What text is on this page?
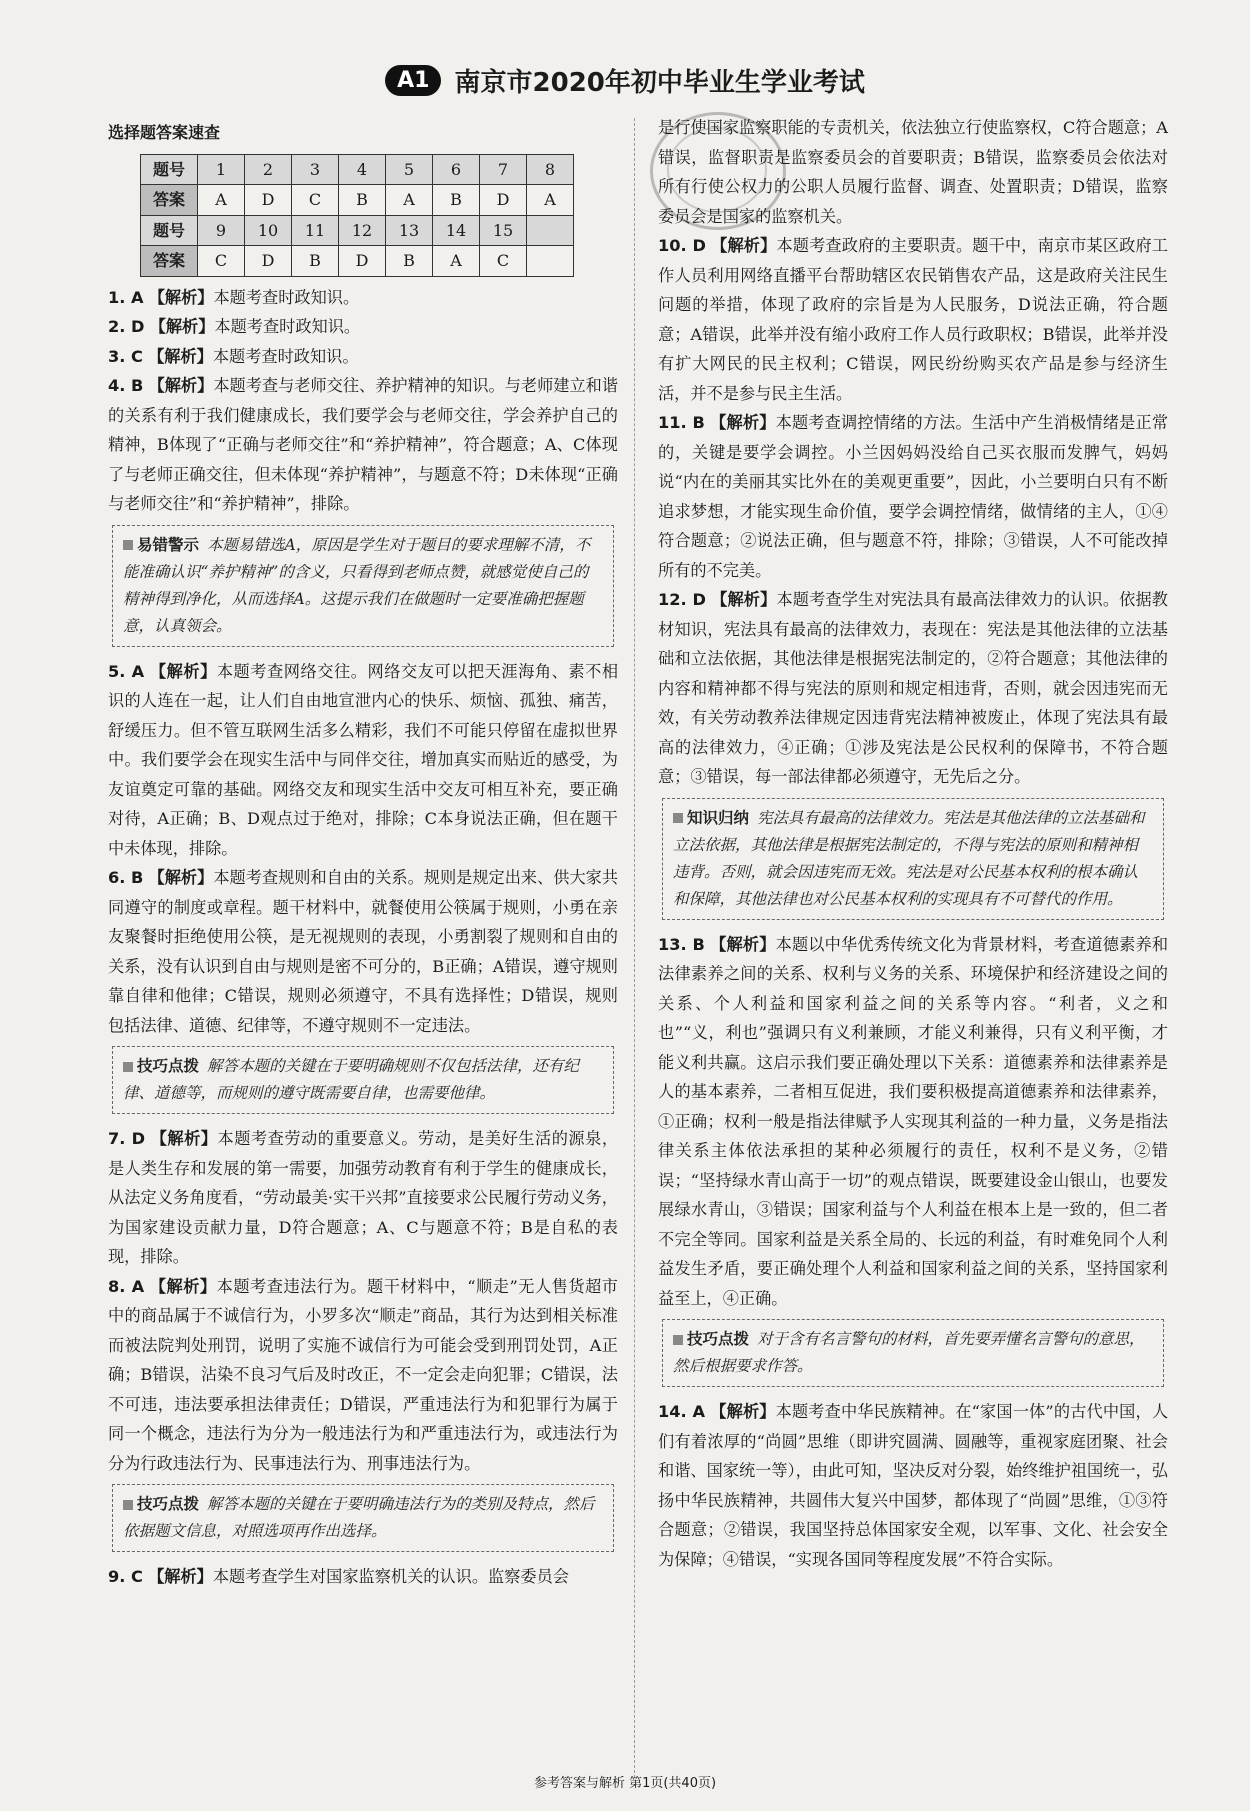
A1 南京市2020年初中毕业生学业考试
选择题答案速查
题号	1	2	3	4	5	6	7	8
答案	A	D	C	B	A	B	D	A
题号	9	10	11	12	13	14	15	
答案	C	D	B	D	B	A	C	
1. A 【解析】本题考查时政知识。
2. D 【解析】本题考查时政知识。
3. C 【解析】本题考查时政知识。
4. B 【解析】本题考查与老师交往、养护精神的知识。与老师建立和谐的关系有利于我们健康成长，我们要学会与老师交往，学会养护自己的精神，B体现了“正确与老师交往”和“养护精神”，符合题意；A、C体现了与老师正确交往，但未体现“养护精神”，与题意不符；D未体现“正确与老师交往”和“养护精神”，排除。
易错警示 本题易错选A，原因是学生对于题目的要求理解不清，不能准确认识“养护精神”的含义，只看得到老师点赞，就感觉使自己的精神得到净化，从而选择A。这提示我们在做题时一定要准确把握题意，认真领会。
5. A 【解析】本题考查网络交往。网络交友可以把天涯海角、素不相识的人连在一起，让人们自由地宣泄内心的快乐、烦恼、孤独、痛苦，舒缓压力。但不管互联网生活多么精彩，我们不可能只停留在虚拟世界中。我们要学会在现实生活中与同伴交往，增加真实而贴近的感受，为友谊奠定可靠的基础。网络交友和现实生活中交友可相互补充，要正确对待，A正确；B、D观点过于绝对，排除；C本身说法正确，但在题干中未体现，排除。
6. B 【解析】本题考查规则和自由的关系。规则是规定出来、供大家共同遵守的制度或章程。题干材料中，就餐使用公筷属于规则，小勇在亲友聚餐时拒绝使用公筷，是无视规则的表现，小勇割裂了规则和自由的关系，没有认识到自由与规则是密不可分的，B正确；A错误，遵守规则靠自律和他律；C错误，规则必须遵守，不具有选择性；D错误，规则包括法律、道德、纪律等，不遵守规则不一定违法。
技巧点拨 解答本题的关键在于要明确规则不仅包括法律，还有纪律、道德等，而规则的遵守既需要自律，也需要他律。
7. D 【解析】本题考查劳动的重要意义。劳动，是美好生活的源泉，是人类生存和发展的第一需要，加强劳动教育有利于学生的健康成长，从法定义务角度看，“劳动最美·实干兴邦”直接要求公民履行劳动义务，为国家建设贡献力量，D符合题意；A、C与题意不符；B是自私的表现，排除。
8. A 【解析】本题考查违法行为。题干材料中，“顺走”无人售货超市中的商品属于不诚信行为，小罗多次“顺走”商品，其行为达到相关标准而被法院判处刑罚，说明了实施不诚信行为可能会受到刑罚处罚，A正确；B错误，沾染不良习气后及时改正，不一定会走向犯罪；C错误，法不可违，违法要承担法律责任；D错误，严重违法行为和犯罪行为属于同一个概念，违法行为分为一般违法行为和严重违法行为，或违法行为分为行政违法行为、民事违法行为、刑事违法行为。
技巧点拨 解答本题的关键在于要明确违法行为的类别及特点，然后依据题文信息，对照选项再作出选择。
9. C 【解析】本题考查学生对国家监察机关的认识。监察委员会
是行使国家监察职能的专责机关，依法独立行使监察权，C符合题意；A错误，监督职责是监察委员会的首要职责；B错误，监察委员会依法对所有行使公权力的公职人员履行监督、调查、处置职责；D错误，监察委员会是国家的监察机关。
10. D 【解析】本题考查政府的主要职责。题干中，南京市某区政府工作人员利用网络直播平台帮助辖区农民销售农产品，这是政府关注民生问题的举措，体现了政府的宗旨是为人民服务，D说法正确，符合题意；A错误，此举并没有缩小政府工作人员行政职权；B错误，此举并没有扩大网民的民主权利；C错误，网民纷纷购买农产品是参与经济生活，并不是参与民主生活。
11. B 【解析】本题考查调控情绪的方法。生活中产生消极情绪是正常的，关键是要学会调控。小兰因妈妈没给自己买衣服而发脾气，妈妈说“内在的美丽其实比外在的美观更重要”，因此，小兰要明白只有不断追求梦想，才能实现生命价值，要学会调控情绪，做情绪的主人，①④符合题意；②说法正确，但与题意不符，排除；③错误，人不可能改掉所有的不完美。
12. D 【解析】本题考查学生对宪法具有最高法律效力的认识。依据教材知识，宪法具有最高的法律效力，表现在：宪法是其他法律的立法基础和立法依据，其他法律是根据宪法制定的，②符合题意；其他法律的内容和精神都不得与宪法的原则和规定相违背，否则，就会因违宪而无效，有关劳动教养法律规定因违背宪法精神被废止，体现了宪法具有最高的法律效力，④正确；①涉及宪法是公民权利的保障书，不符合题意；③错误，每一部法律都必须遵守，无先后之分。
知识归纳 宪法具有最高的法律效力。宪法是其他法律的立法基础和立法依据，其他法律是根据宪法制定的，不得与宪法的原则和精神相违背。否则，就会因违宪而无效。宪法是对公民基本权利的根本确认和保障，其他法律也对公民基本权利的实现具有不可替代的作用。
13. B 【解析】本题以中华优秀传统文化为背景材料，考查道德素养和法律素养之间的关系、权利与义务的关系、环境保护和经济建设之间的关系、个人利益和国家利益之间的关系等内容。“利者，义之和也”“义，利也”强调只有义利兼顾，才能义利兼得，只有义利平衡，才能义利共赢。这启示我们要正确处理以下关系：道德素养和法律素养是人的基本素养，二者相互促进，我们要积极提高道德素养和法律素养，①正确；权利一般是指法律赋予人实现其利益的一种力量，义务是指法律关系主体依法承担的某种必须履行的责任，权利不是义务，②错误；“坚持绿水青山高于一切”的观点错误，既要建设金山银山，也要发展绿水青山，③错误；国家利益与个人利益在根本上是一致的，但二者不完全等同。国家利益是关系全局的、长远的利益，有时难免同个人利益发生矛盾，要正确处理个人利益和国家利益之间的关系，坚持国家利益至上，④正确。
技巧点拨 对于含有名言警句的材料，首先要弄懂名言警句的意思，然后根据要求作答。
14. A 【解析】本题考查中华民族精神。在“家国一体”的古代中国，人们有着浓厚的“尚圆”思维（即讲究圆满、圆融等，重视家庭团聚、社会和谐、国家统一等），由此可知，坚决反对分裂，始终维护祖国统一，弘扬中华民族精神，共圆伟大复兴中国梦，都体现了“尚圆”思维，①③符合题意；②错误，我国坚持总体国家安全观，以军事、文化、社会安全为保障；④错误，“实现各国同等程度发展”不符合实际。
参考答案与解析 第1页(共40页)
